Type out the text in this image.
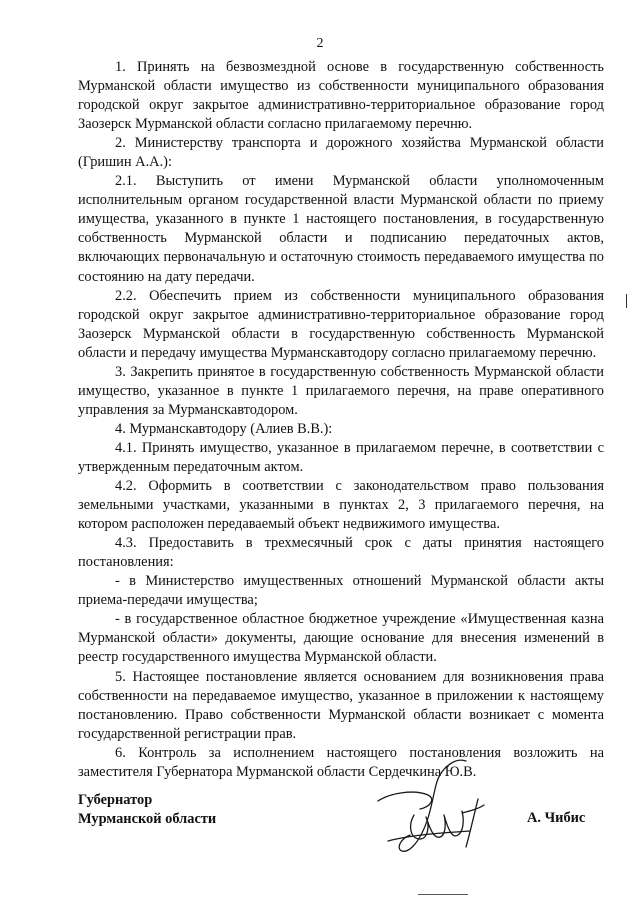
2

1. Принять на безвозмездной основе в государственную собственность Мурманской области имущество из собственности муниципального образования городской округ закрытое административно-территориальное образование город Заозерск Мурманской области согласно прилагаемому перечню.

2. Министерству транспорта и дорожного хозяйства Мурманской области (Гришин А.А.):

2.1. Выступить от имени Мурманской области уполномоченным исполнительным органом государственной власти Мурманской области по приему имущества, указанного в пункте 1 настоящего постановления, в государственную собственность Мурманской области и подписанию передаточных актов, включающих первоначальную и остаточную стоимость передаваемого имущества по состоянию на дату передачи.

2.2. Обеспечить прием из собственности муниципального образования городской округ закрытое административно-территориальное образование город Заозерск Мурманской области в государственную собственность Мурманской области и передачу имущества Мурманскавтодору согласно прилагаемому перечню.

3. Закрепить принятое в государственную собственность Мурманской области имущество, указанное в пункте 1 прилагаемого перечня, на праве оперативного управления за Мурманскавтодором.

4. Мурманскавтодору (Алиев В.В.):

4.1. Принять имущество, указанное в прилагаемом перечне, в соответствии с утвержденным передаточным актом.

4.2. Оформить в соответствии с законодательством право пользования земельными участками, указанными в пунктах 2, 3 прилагаемого перечня, на котором расположен передаваемый объект недвижимого имущества.

4.3. Предоставить в трехмесячный срок с даты принятия настоящего постановления:

- в Министерство имущественных отношений Мурманской области акты приема-передачи имущества;

- в государственное областное бюджетное учреждение «Имущественная казна Мурманской области» документы, дающие основание для внесения изменений в реестр государственного имущества Мурманской области.

5. Настоящее постановление является основанием для возникновения права собственности на передаваемое имущество, указанное в приложении к настоящему постановлению. Право собственности Мурманской области возникает с момента государственной регистрации прав.

6. Контроль за исполнением настоящего постановления возложить на заместителя Губернатора Мурманской области Сердечкина Ю.В.

Губернатор
Мурманской области	А. Чибис
